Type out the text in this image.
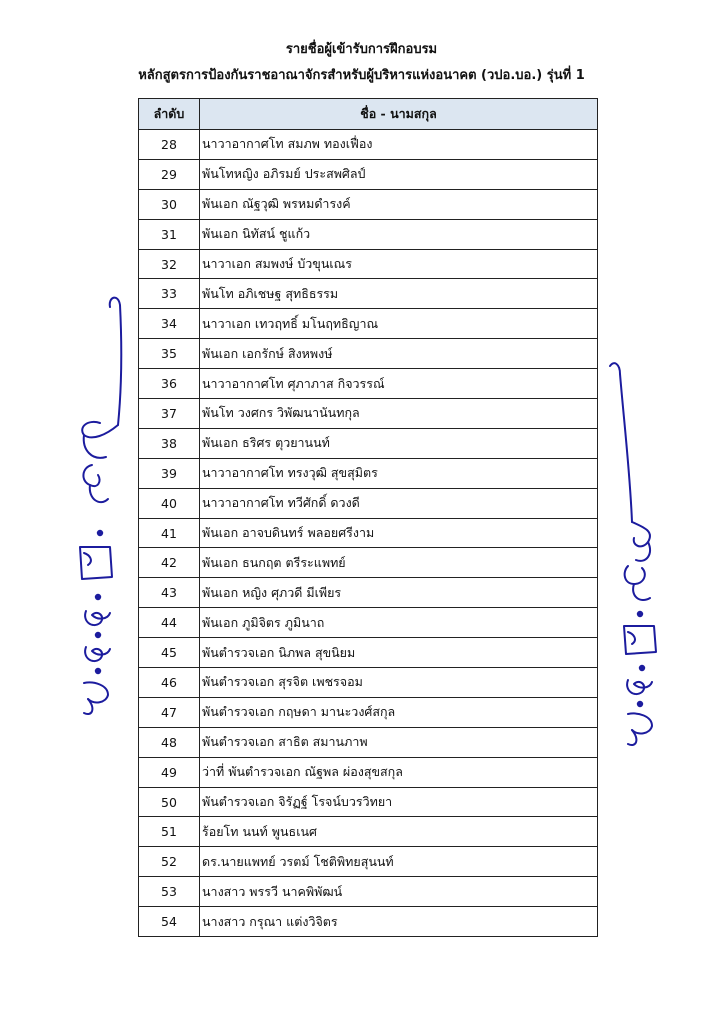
รายชื่อผู้เข้ารับการฝึกอบรม
หลักสูตรการป้องกันราชอาณาจักรสำหรับผู้บริหารแห่งอนาคต (วปอ.บอ.) รุ่นที่ 1
ลำดับ	ชื่อ - นามสกุล
28	นาวาอากาศโท สมภพ ทองเฟื่อง
29	พันโทหญิง อภิรมย์ ประสพศิลป์
30	พันเอก ณัฐวุฒิ พรหมดำรงค์
31	พันเอก นิทัสน์ ชูแก้ว
32	นาวาเอก สมพงษ์ บัวขุนเณร
33	พันโท อภิเชษฐ สุทธิธรรม
34	นาวาเอก เทวฤทธิ์ มโนฤทธิญาณ
35	พันเอก เอกรักษ์ สิงหพงษ์
36	นาวาอากาศโท ศุภาภาส กิจวรรณ์
37	พันโท วงศกร วิพัฒนานันทกุล
38	พันเอก ธริศร ตุวยานนท์
39	นาวาอากาศโท ทรงวุฒิ สุขสุมิตร
40	นาวาอากาศโท ทวีศักดิ์ ดวงดี
41	พันเอก อาจบดินทร์ พลอยศรีงาม
42	พันเอก ธนกฤต ตรีระแพทย์
43	พันเอก หญิง ศุภวดี มีเพียร
44	พันเอก ภูมิจิตร ภูมินาถ
45	พันตำรวจเอก นิภพล สุขนิยม
46	พันตำรวจเอก สุรจิต เพชรจอม
47	พันตำรวจเอก กฤษดา มานะวงศ์สกุล
48	พันตำรวจเอก สาธิต สมานภาพ
49	ว่าที่ พันตำรวจเอก ณัฐพล ผ่องสุขสกุล
50	พันตำรวจเอก จิรัฏฐ์ โรจน์บวรวิทยา
51	ร้อยโท นนท์ พูนธเนศ
52	ดร.นายแพทย์ วรตม์ โชติพิทยสุนนท์
53	นางสาว พรรวี นาคพิพัฒน์
54	นางสาว กรุณา แต่งวิจิตร
